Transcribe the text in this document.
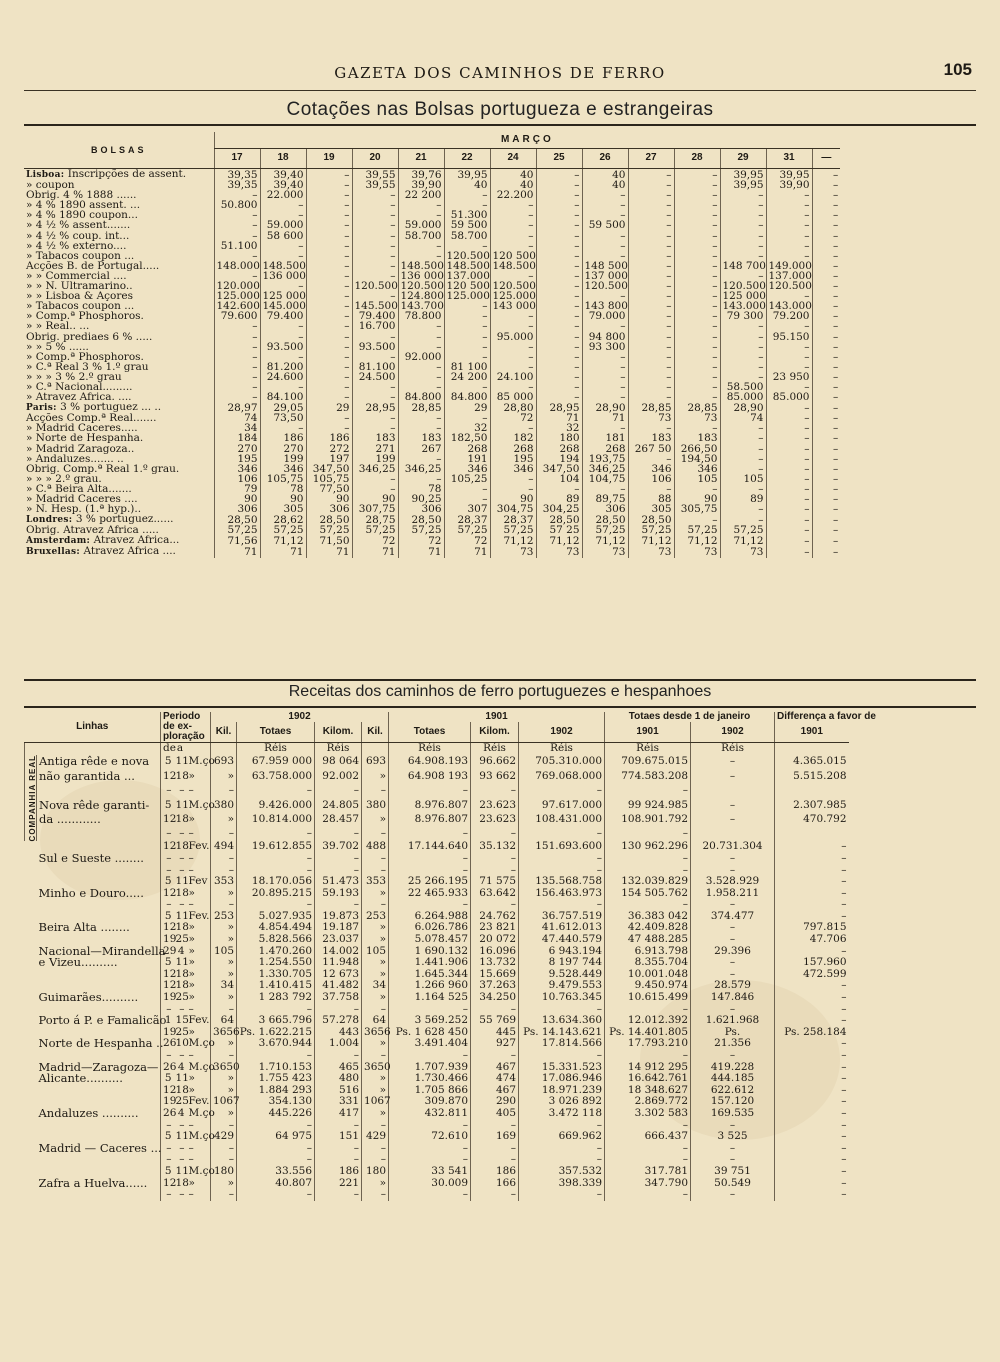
GAZETA DOS CAMINHOS DE FERRO	105
Cotações nas Bolsas portugueza e estrangeiras
BOLSAS	MARÇO													
	17	18	19	20	21	22	24	25	26	27	28	29	31	—
Lisboa: Inscripções de assent.	39,35	39,40	–	39,55	39,76	39,95	40	–	40	–	–	39,95	39,95	–
» coupon	39,35	39,40	–	39,55	39,90	40	40	–	40	–	–	39,95	39,90	–
Obrig. 4 % 1888 ......	–	22.000	–	–	22 200	–	22.200	–	–	–	–	–	–	–
» 4 % 1890 assent. ...	50.800	–	–	–	–	–	–	–	–	–	–	–	–	–
» 4 % 1890 coupon...	–	–	–	–	–	51.300	–	–	–	–	–	–	–	–
» 4 ½ % assent.......	–	59.000	–	–	59.000	59 500	–	–	59 500	–	–	–	–	–
» 4 ½ % coup. int...	–	58 600	–	–	58.700	58.700	–	–	–	–	–	–	–	–
» 4 ½ % externo....	51.100	–	–	–	–	–	–	–	–	–	–	–	–	–
» Tabacos coupon ...	–	–	–	–	–	120.500	120 500	–	–	–	–	–	–	–
Acções B. de Portugal.....	148.000	148.500	–	–	148.500	148.500	148.500	–	148 500	–	–	148 700	149.000	–
» » Commercial ....	–	136 000	–	–	136 000	137.000	–	–	137 000	–	–	–	137.000	–
» » N. Ultramarino..	120.000	–	–	120.500	120.500	120 500	120.500	–	120.500	–	–	120.500	120.500	–
» » Lisboa & Açores	125.000	125 000	–	–	124.800	125.000	125.000	–	–	–	–	125 000	–	–
» Tabacos coupon ...	142.600	145.000	–	145.500	143.700	–	143 000	–	143 800	–	–	143.000	143.000	–
» Comp.ª Phosphoros.	79.600	79.400	–	79.400	78.800	–	–	–	79.000	–	–	79 300	79.200	–
» » Real.. ...	–	–	–	16.700	–	–	–	–	–	–	–	–	–	–
Obrig. prediaes 6 % .....	–	–	–	–	–	–	95.000	–	94 800	–	–	–	95.150	–
» » 5 % ......	–	93.500	–	93.500	–	–	–	–	93 300	–	–	–	–	–
» Comp.ª Phosphoros.	–	–	–	–	92.000	–	–	–	–	–	–	–	–	–
» C.ª Real 3 % 1.º grau	–	81.200	–	81.100	–	81 100	–	–	–	–	–	–	–	–
» » » 3 % 2.º grau	–	24.600	–	24.500	–	24 200	24.100	–	–	–	–	–	23 950	–
» C.ª Nacional.........	–	–	–	–	–	–	–	–	–	–	–	58.500	–	–
» Atravez Africa. ....	–	84.100	–	–	84.800	84.800	85 000	–	–	–	–	85.000	85.000	–
Paris: 3 % portuguez ... ..	28,97	29,05	29	28,95	28,85	29	28,80	28,95	28,90	28,85	28,85	28,90	–	–
Acções Comp.ª Real.......	74	73,50	–	–	–	–	72	71	71	73	73	74	–	–
» Madrid Caceres.....	34	–	–	–	–	32	–	32	–	–	–	–	–	–
» Norte de Hespanha.	184	186	186	183	183	182,50	182	180	181	183	183	–	–	–
» Madrid Zaragoza..	270	270	272	271	267	268	268	268	268	267 50	266,50	–	–	–
» Andaluzes....... ..	195	199	197	199	–	191	195	194	193,75	–	194,50	–	–	–
Obrig. Comp.ª Real 1.º grau.	346	346	347,50	346,25	346,25	346	346	347,50	346,25	346	346	–	–	–
» » » 2.º grau.	106	105,75	105,75	–	–	105,25	–	104	104,75	106	105	105	–	–
» C.ª Beira Alta.......	79	78	77,50	–	78	–	–	–	–	–	–	–	–	–
» Madrid Caceres ....	90	90	90	90	90,25	–	90	89	89,75	88	90	89	–	–
» N. Hesp. (1.ª hyp.)..	306	305	306	307,75	306	307	304,75	304,25	306	305	305,75	–	–	–
Londres: 3 % portuguez......	28,50	28,62	28,50	28,75	28,50	28,37	28,37	28,50	28,50	28,50	–	–	–	–
Obrig. Atravez Africa .....	57,25	57,25	57,25	57,25	57,25	57,25	57,25	57 25	57,25	57,25	57,25	57,25	–	–
Amsterdam: Atravez Africa...	71,56	71,12	71,50	72	72	72	71,12	71,12	71,12	71,12	71,12	71,12	–	–
Bruxellas: Atravez Africa ....	71	71	71	71	71	71	73	73	73	73	73	73	–	–
Receitas dos caminhos de ferro portuguezes e hespanhoes
Linhas		Periodo			1902				1901			Totaes desde 1 de janeiro		Differença a favor de
		de ex-			Kil.	Totaes	Kilom.	Kil.	Totaes	Kilom.	1902	1901	1902	1901
		ploração												
		de	a			Réis	Réis		Réis	Réis	Réis	Réis	Réis	

COMPANHIA REAL	Antiga rêde e nova	5	11	M.ço	693	67.959 000	98 064	693	64.908.193	96.662	705.310.000	709.675.015	–	4.365.015
	não garantida ...	12	18	»	»	63.758.000	92.002	»	64.908 193	93 662	769.068.000	774.583.208	–	5.515.208
		–	–	–	–	–	–	–	–	–	–	–		
	Nova rêde garanti-	5	11	M.ço	380	9.426.000	24.805	380	8.976.807	23.623	97.617.000	99 924.985	–	2.307.985
	da ............	12	18	»	»	10.814.000	28.457	»	8.976.807	23.623	108.431.000	108.901.792	–	470.792
		–	–	–	–	–	–	–	–	–	–	–		
		12	18	Fev.	494	19.612.855	39.702	488	17.144.640	35.132	151.693.600	130 962.296	20.731.304	–
	Sul e Sueste ........	–	–	–	–	–	–	–	–	–	–	–	–	–
		–	–	–	–	–	–	–	–	–	–	–	–	–
		5	11	Fev	353	18.170.056	51.473	353	25 266.195	71 575	135.568.758	132.039.829	3.528.929	–
	Minho e Douro.....	12	18	»	»	20.895.215	59.193	»	22 465.933	63.642	156.463.973	154 505.762	1.958.211	–
		–	–	–	–	–	–	–	–	–	–	–	–	–
		5	11	Fev.	253	5.027.935	19.873	253	6.264.988	24.762	36.757.519	36.383 042	374.477	–
	Beira Alta ........	12	18	»	»	4.854.494	19.187	»	6.026.786	23 821	41.612.013	42.409.828	–	797.815
		19	25	»	»	5.828.566	23.037	»	5.078.457	20 072	47.440.579	47 488.285	–	47.706
	Nacional—Mirandella	29	4	»	105	1.470.260	14.002	105	1 690.132	16.096	6 943.194	6.913.798	29.396	–
	e Vizeu..........	5	11	»	»	1.254.550	11.948	»	1.441.906	13.732	8 197 744	8.355.704	–	157.960
		12	18	»	»	1.330.705	12 673	»	1.645.344	15.669	9.528.449	10.001.048	–	472.599
		12	18	»	34	1.410.415	41.482	34	1.266 960	37.263	9.479.553	9.450.974	28.579	–
	Guimarães..........	19	25	»	»	1 283 792	37.758	»	1.164 525	34.250	10.763.345	10.615.499	147.846	–
		–	–	–	–	–	–	–	–	–	–	–	–	–
	Porto á P. e Famalicão	1	15	Fev.	64	3 665.796	57.278	64	3 569.252	55 769	13.634.360	12.012.392	1.621.968	–
		19	25	»	3656	Ps. 1.622.215	443	3656	Ps. 1 628 450	445	Ps. 14.143.621	Ps. 14.401.805	Ps.	Ps. 258.184
	Norte de Hespanha ..	26	10	M.ço	»	3.670.944	1.004	»	3.491.404	927	17.814.566	17.793.210	21.356	–
		–	–	–	–	–	–	–	–	–	–	–	–	–
	Madrid—Zaragoza—	26	4	M.ço	3650	1.710.153	465	3650	1.707.939	467	15.331.523	14 912 295	419.228	–
	Alicante..........	5	11	»	»	1.755 423	480	»	1.730.466	474	17.086.946	16.642.761	444.185	–
		12	18	»	»	1.884 293	516	»	1.705 866	467	18.971.239	18 348.627	622.612	–
		19	25	Fev.	1067	354.130	331	1067	309.870	290	3 026 892	2.869.772	157.120	–
	Andaluzes ..........	26	4	M.ço	»	445.226	417	»	432.811	405	3.472 118	3.302 583	169.535	–
		–	–	–	–	–	–	–	–	–	–	–	–	–
		5	11	M.ço	429	64 975	151	429	72.610	169	669.962	666.437	3 525	–
	Madrid — Caceres ...	–	–	–	–	–	–	–	–	–	–	–	–	–
		–	–	–	–	–	–	–	–	–	–	–	–	–
		5	11	M.ço	180	33.556	186	180	33 541	186	357.532	317.781	39 751	–
	Zafra a Huelva......	12	18	»	»	40.807	221	»	30.009	166	398.339	347.790	50.549	–
		–	–	–	–	–	–	–	–	–	–	–	–	–
